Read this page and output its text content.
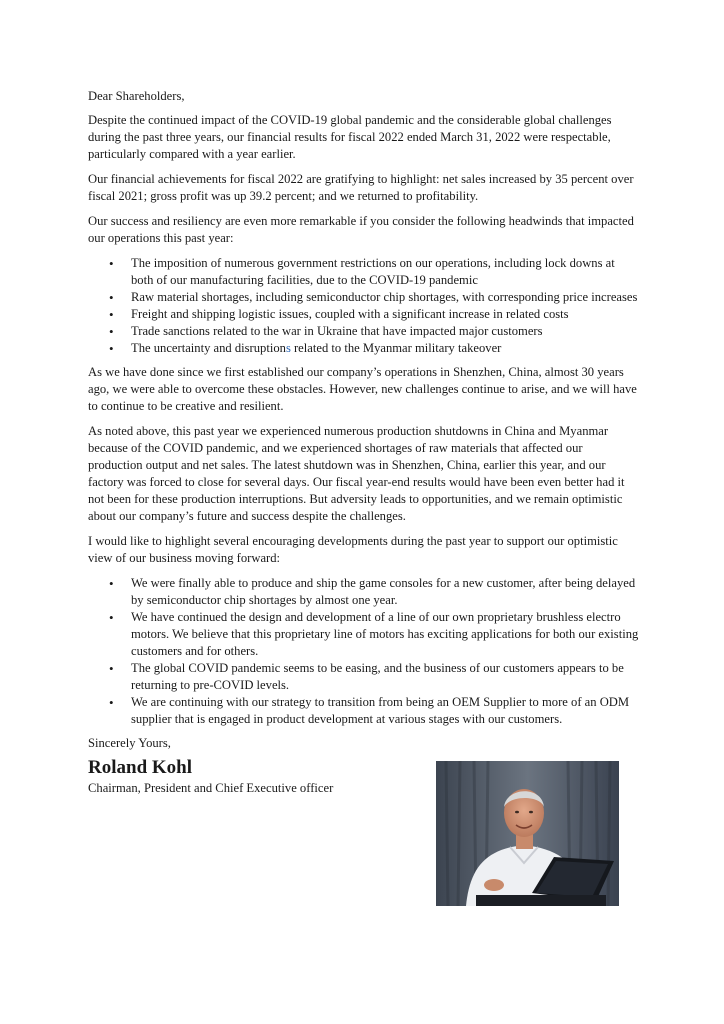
Dear Shareholders,

Despite the continued impact of the COVID-19 global pandemic and the considerable global challenges during the past three years, our financial results for fiscal 2022 ended March 31, 2022 were respectable, particularly compared with a year earlier.

Our financial achievements for fiscal 2022 are gratifying to highlight: net sales increased by 35 percent over fiscal 2021; gross profit was up 39.2 percent; and we returned to profitability.

Our success and resiliency are even more remarkable if you consider the following headwinds that impacted our operations this past year:

• The imposition of numerous government restrictions on our operations, including lock downs at both of our manufacturing facilities, due to the COVID-19 pandemic
• Raw material shortages, including semiconductor chip shortages, with corresponding price increases
• Freight and shipping logistic issues, coupled with a significant increase in related costs
• Trade sanctions related to the war in Ukraine that have impacted major customers
• The uncertainty and disruptions related to the Myanmar military takeover

As we have done since we first established our company’s operations in Shenzhen, China, almost 30 years ago, we were able to overcome these obstacles. However, new challenges continue to arise, and we will have to continue to be creative and resilient.

As noted above, this past year we experienced numerous production shutdowns in China and Myanmar because of the COVID pandemic, and we experienced shortages of raw materials that affected our production output and net sales. The latest shutdown was in Shenzhen, China, earlier this year, and our factory was forced to close for several days. Our fiscal year-end results would have been even better had it not been for these production interruptions. But adversity leads to opportunities, and we remain optimistic about our company’s future and success despite the challenges.

I would like to highlight several encouraging developments during the past year to support our optimistic view of our business moving forward:

• We were finally able to produce and ship the game consoles for a new customer, after being delayed by semiconductor chip shortages by almost one year.
• We have continued the design and development of a line of our own proprietary brushless electro motors. We believe that this proprietary line of motors has exciting applications for both our existing customers and for others.
• The global COVID pandemic seems to be easing, and the business of our customers appears to be returning to pre-COVID levels.
• We are continuing with our strategy to transition from being an OEM Supplier to more of an ODM supplier that is engaged in product development at various stages with our customers.

Sincerely Yours,

Roland Kohl

Chairman, President and Chief Executive officer
